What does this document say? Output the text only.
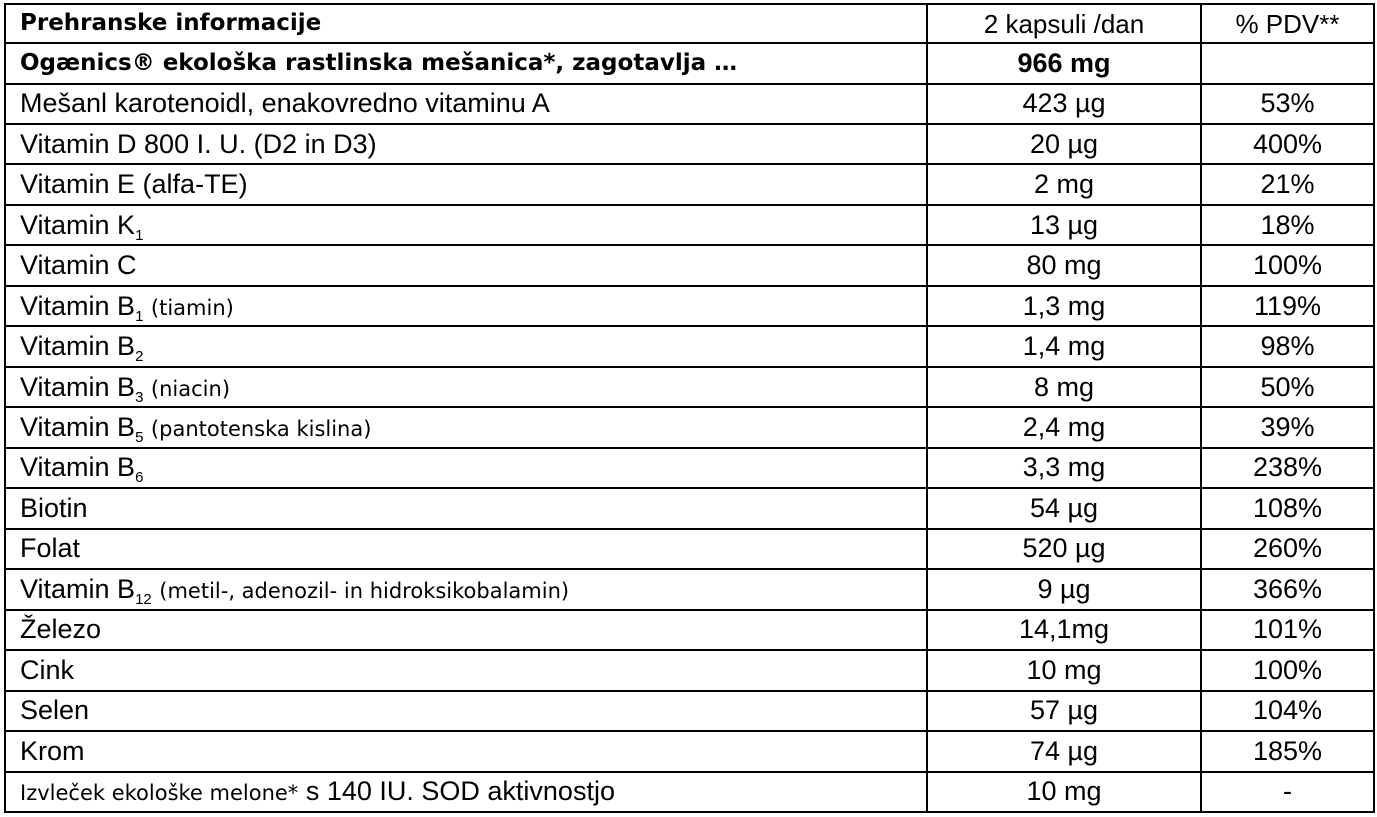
Prehranske informacije	2 kapsuli /dan	% PDV**
Ogænics® ekološka rastlinska mešanica*, zagotavlja …	966 mg	
Mešanl karotenoidl, enakovredno vitaminu A	423 µg	53%
Vitamin D 800 I. U. (D2 in D3)	20 µg	400%
Vitamin E (alfa-TE)	2 mg	21%
Vitamin $K_1$	13 µg	18%
Vitamin C	80 mg	100%
Vitamin $B_1$ (tiamin)	1,3 mg	119%
Vitamin $B_2$	1,4 mg	98%
Vitamin $B_3$ (niacin)	8 mg	50%
Vitamin $B_5$ (pantotenska kislina)	2,4 mg	39%
Vitamin $B_6$	3,3 mg	238%
Biotin	54 µg	108%
Folat	520 µg	260%
Vitamin $B_{12}$ (metil-, adenozil- in hidroksikobalamin)	9 µg	366%
Železo	14,1mg	101%
Cink	10 mg	100%
Selen	57 µg	104%
Krom	74 µg	185%
Izvleček ekološke melone* s 140 IU. SOD aktivnostjo	10 mg	-
